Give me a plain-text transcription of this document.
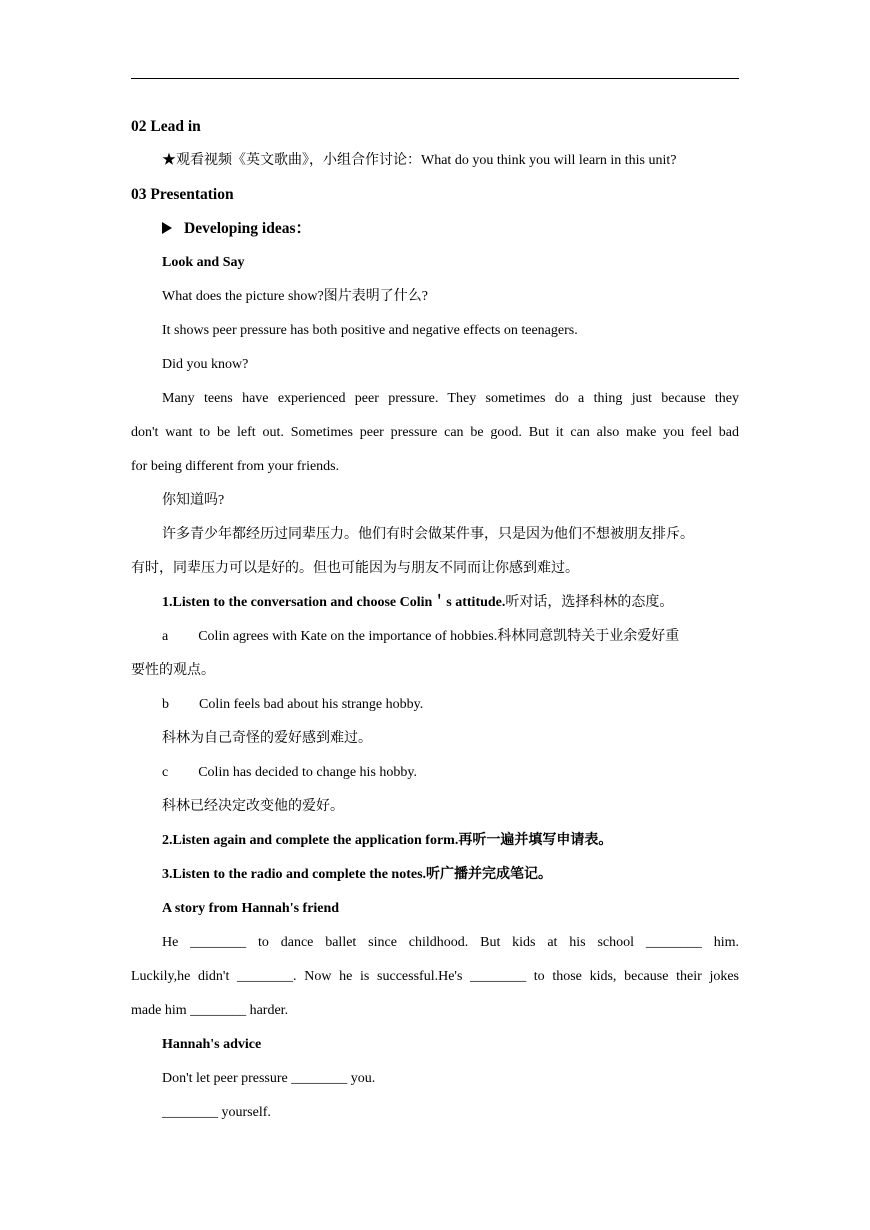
02 Lead in

★观看视频《英文歌曲》，小组合作讨论：What do you think you will learn in this unit?

03 Presentation

Developing ideas：

Look and Say

What does the picture show?图片表明了什么?

It shows peer pressure has both positive and negative effects on teenagers.

Did you know?

Many teens have experienced peer pressure. They sometimes do a thing just because they

don't want to be left out. Sometimes peer pressure can be good. But it can also make you feel bad

for being different from your friends.

你知道吗?

许多青少年都经历过同辈压力。他们有时会做某件事，只是因为他们不想被朋友排斥。

有时，同辈压力可以是好的。但也可能因为与朋友不同而让你感到难过。

1.Listen to the conversation and choose Colin＇s attitude.听对话，选择科林的态度。

a Colin agrees with Kate on the importance of hobbies.科林同意凯特关于业余爱好重

要性的观点。

b Colin feels bad about his strange hobby.

科林为自己奇怪的爱好感到难过。

c Colin has decided to change his hobby.

科林已经决定改变他的爱好。

2.Listen again and complete the application form.再听一遍并填写申请表。

3.Listen to the radio and complete the notes.听广播并完成笔记。

A story from Hannah's friend

He ________ to dance ballet since childhood. But kids at his school ________ him.

Luckily,he didn't ________. Now he is successful.He's ________ to those kids, because their jokes

made him ________ harder.

Hannah's advice

Don't let peer pressure ________ you.

________ yourself.
